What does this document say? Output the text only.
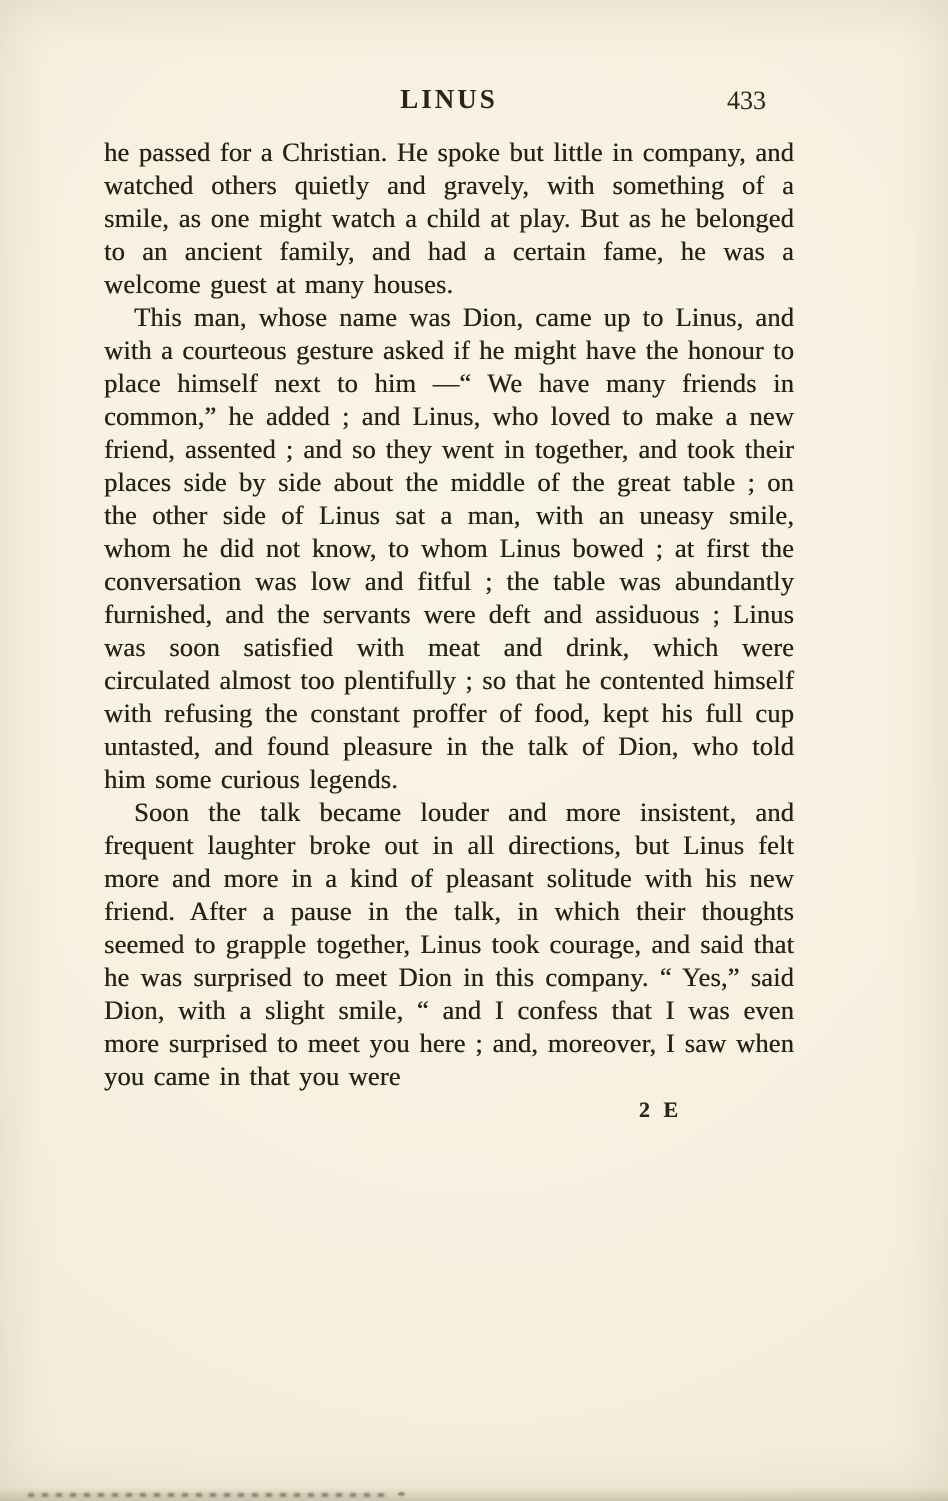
LINUS	433

he passed for a Christian. He spoke but little in company, and watched others quietly and gravely, with something of a smile, as one might watch a child at play. But as he belonged to an ancient family, and had a certain fame, he was a welcome guest at many houses.

This man, whose name was Dion, came up to Linus, and with a courteous gesture asked if he might have the honour to place himself next to him —“ We have many friends in common,” he added ; and Linus, who loved to make a new friend, assented ; and so they went in together, and took their places side by side about the middle of the great table ; on the other side of Linus sat a man, with an uneasy smile, whom he did not know, to whom Linus bowed ; at first the conversation was low and fitful ; the table was abundantly furnished, and the servants were deft and assiduous ; Linus was soon satisfied with meat and drink, which were circulated almost too plentifully ; so that he contented himself with refusing the constant proffer of food, kept his full cup untasted, and found pleasure in the talk of Dion, who told him some curious legends.

Soon the talk became louder and more insistent, and frequent laughter broke out in all directions, but Linus felt more and more in a kind of pleasant solitude with his new friend. After a pause in the talk, in which their thoughts seemed to grapple together, Linus took courage, and said that he was surprised to meet Dion in this company. “ Yes,” said Dion, with a slight smile, “ and I confess that I was even more surprised to meet you here ; and, moreover, I saw when you came in that you were

2 E
